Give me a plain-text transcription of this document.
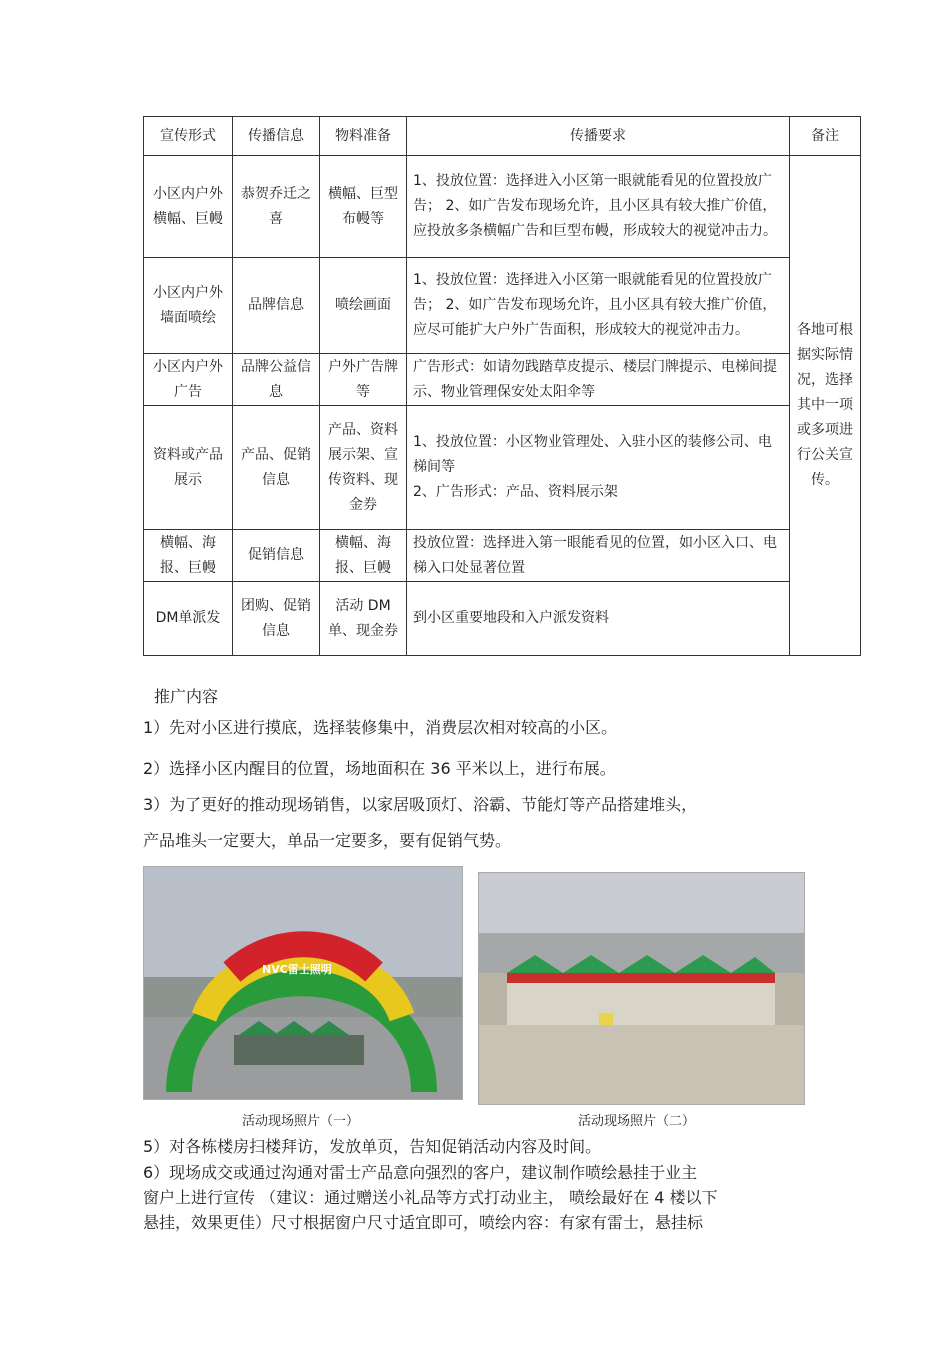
宣传形式	传播信息	物料准备	传播要求	备注
小区内户外横幅、巨幔	恭贺乔迁之喜	横幅、巨型布幔等	1、投放位置：选择进入小区第一眼就能看见的位置投放广告； 2、如广告发布现场允许，且小区具有较大推广价值，应投放多条横幅广告和巨型布幔，形成较大的视觉冲击力。	各地可根据实际情况，选择其中一项或多项进行公关宣传。
小区内户外墙面喷绘	品牌信息	喷绘画面	1、投放位置：选择进入小区第一眼就能看见的位置投放广告； 2、如广告发布现场允许，且小区具有较大推广价值，应尽可能扩大户外广告面积，形成较大的视觉冲击力。	
小区内户外广告	品牌公益信息	户外广告牌等	广告形式：如请勿践踏草皮提示、楼层门牌提示、电梯间提示、物业管理保安处太阳伞等	
资料或产品展示	产品、促销信息	产品、资料展示架、宣传资料、现金券	1、投放位置：小区物业管理处、入驻小区的装修公司、电梯间等
2、广告形式：产品、资料展示架	

横幅、海报、巨幔	促销信息	横幅、海报、巨幔	投放位置：选择进入第一眼能看见的位置，如小区入口、电梯入口处显著位置	
DM单派发	团购、促销信息	活动 DM单、现金券	到小区重要地段和入户派发资料	
推广内容
1）先对小区进行摸底，选择装修集中，消费层次相对较高的小区。
2）选择小区内醒目的位置，场地面积在 36 平米以上，进行布展。
3）为了更好的推动现场销售，以家居吸顶灯、浴霸、节能灯等产品搭建堆头，
产品堆头一定要大，单品一定要多，要有促销气势。
NVC雷士照明
活动现场照片（一）	活动现场照片（二）
5）对各栋楼房扫楼拜访，发放单页，告知促销活动内容及时间。
6）现场成交或通过沟通对雷士产品意向强烈的客户，建议制作喷绘悬挂于业主
窗户上进行宣传 （建议：通过赠送小礼品等方式打动业主， 喷绘最好在 4 楼以下
悬挂，效果更佳）尺寸根据窗户尺寸适宜即可，喷绘内容：有家有雷士，悬挂标
